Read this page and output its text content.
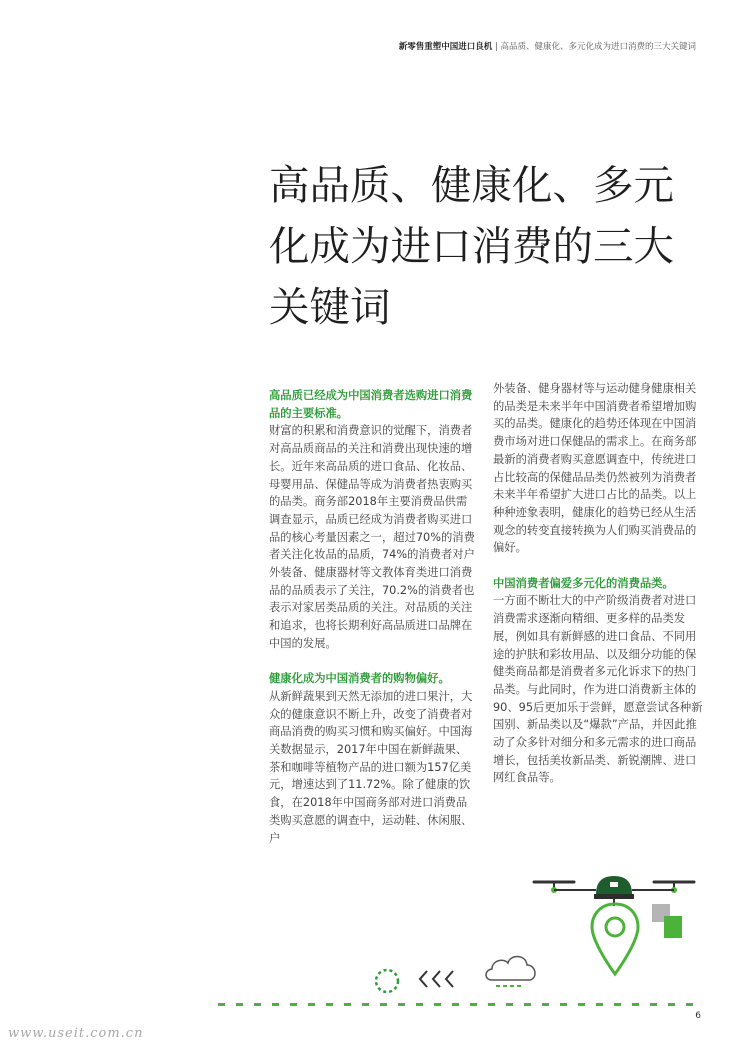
新零售重塑中国进口良机 | 高品质、健康化、多元化成为进口消费的三大关键词
高品质、健康化、多元化成为进口消费的三大关键词

高品质已经成为中国消费者选购进口消费品的主要标准。

财富的积累和消费意识的觉醒下，消费者对高品质商品的关注和消费出现快速的增长。近年来高品质的进口食品、化妆品、母婴用品、保健品等成为消费者热衷购买的品类。商务部2018年主要消费品供需调查显示，品质已经成为消费者购买进口品的核心考量因素之一，超过70%的消费者关注化妆品的品质，74%的消费者对户外装备、健康器材等文教体育类进口消费品的品质表示了关注，70.2%的消费者也表示对家居类品质的关注。对品质的关注和追求，也将长期利好高品质进口品牌在中国的发展。

健康化成为中国消费者的购物偏好。

从新鲜蔬果到天然无添加的进口果汁，大众的健康意识不断上升，改变了消费者对商品消费的购买习惯和购买偏好。中国海关数据显示，2017年中国在新鲜蔬果、茶和咖啡等植物产品的进口额为157亿美元，增速达到了11.72%。除了健康的饮食，在2018年中国商务部对进口消费品类购买意愿的调查中，运动鞋、休闲服、户

外装备、健身器材等与运动健身健康相关的品类是未来半年中国消费者希望增加购买的品类。健康化的趋势还体现在中国消费市场对进口保健品的需求上。在商务部最新的消费者购买意愿调查中，传统进口占比较高的保健品品类仍然被列为消费者未来半年希望扩大进口占比的品类。以上种种迹象表明，健康化的趋势已经从生活观念的转变直接转换为人们购买消费品的偏好。

中国消费者偏爱多元化的消费品类。

一方面不断壮大的中产阶级消费者对进口消费需求逐渐向精细、更多样的品类发展，例如具有新鲜感的进口食品、不同用途的护肤和彩妆用品、以及细分功能的保健类商品都是消费者多元化诉求下的热门品类。与此同时，作为进口消费新主体的90、95后更加乐于尝鲜，愿意尝试各种新国别、新品类以及“爆款”产品，并因此推动了众多针对细分和多元需求的进口商品增长，包括美妆新品类、新锐潮牌、进口网红食品等。

6
www.useit.com.cn
